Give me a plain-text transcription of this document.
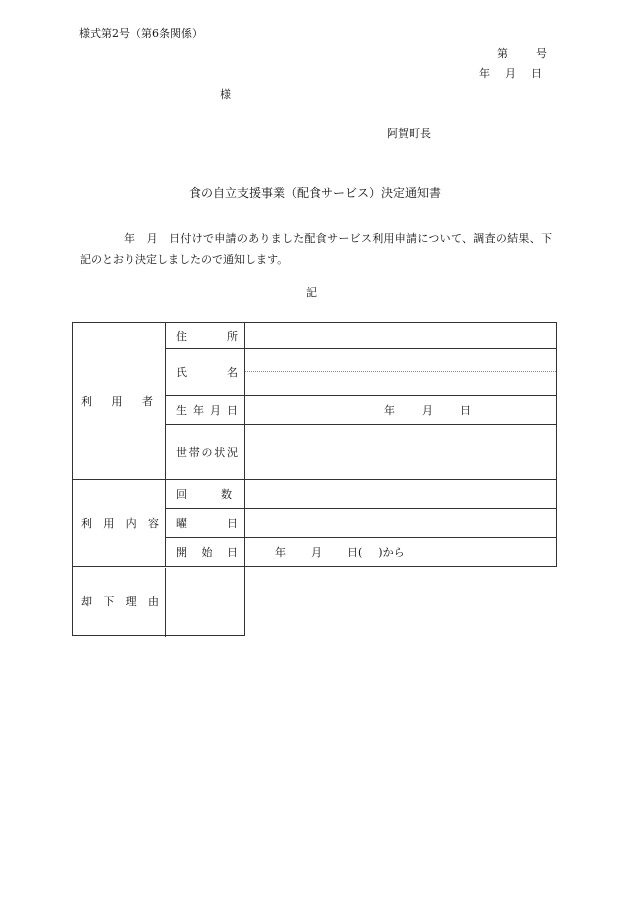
様式第2号（第6条関係）
第	号
年 月 日
様
阿賀町長
食の自立支援事業（配食サービス）決定通知書
年　月　日付けで申請のありました配食サービス利用申請について、調査の結果、下記のとおり決定しましたので通知します。
記
利 用 者	住 所	

	氏 名	

	生 年 月 日	年 月 日

	世 帯 の 状 況	

利 用 内 容	回 数	

	曜 日	

	開 始 日	年 月 日( )から

却 下 理 由		
